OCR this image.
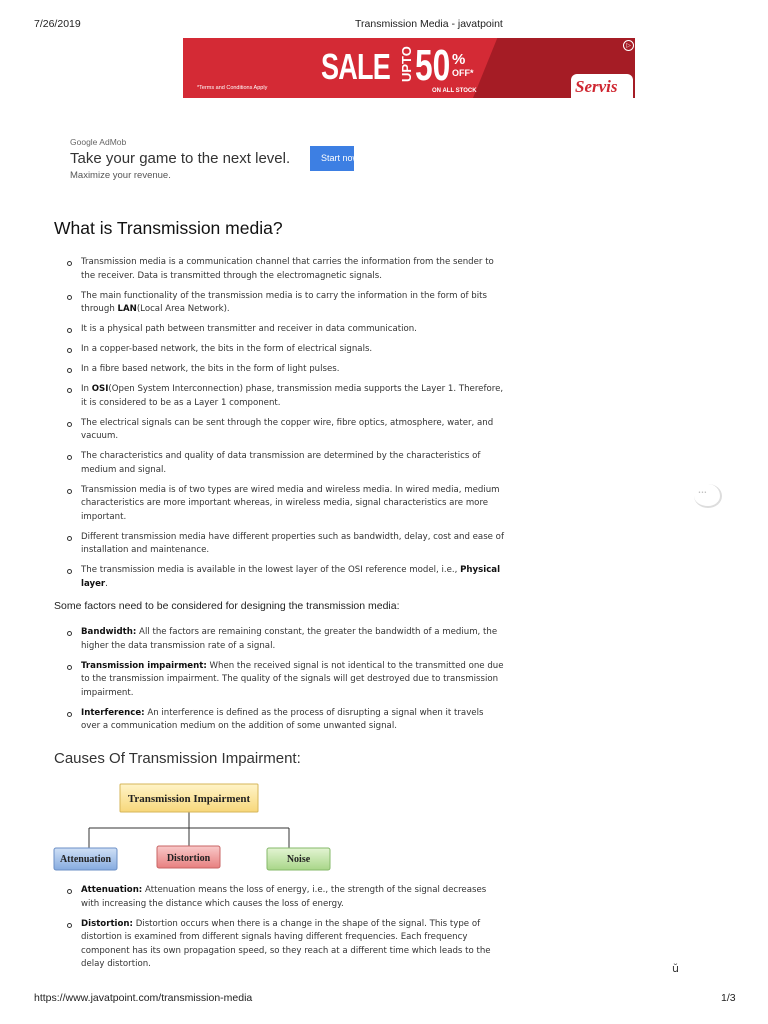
7/26/2019	Transmission Media - javatpoint
*Terms and Conditions Apply
SALE UPTO 50 %
OFF*
ON ALL STOCK	Servis
▷
Google AdMob
Take your game to the next level.
Maximize your revenue.
Start now
What is Transmission media?
Transmission media is a communication channel that carries the information from the sender to the receiver. Data is transmitted through the electromagnetic signals.
The main functionality of the transmission media is to carry the information in the form of bits through LAN(Local Area Network).
It is a physical path between transmitter and receiver in data communication.
In a copper-based network, the bits in the form of electrical signals.
In a fibre based network, the bits in the form of light pulses.
In OSI(Open System Interconnection) phase, transmission media supports the Layer 1. Therefore, it is considered to be as a Layer 1 component.
The electrical signals can be sent through the copper wire, fibre optics, atmosphere, water, and vacuum.
The characteristics and quality of data transmission are determined by the characteristics of medium and signal.
Transmission media is of two types are wired media and wireless media. In wired media, medium characteristics are more important whereas, in wireless media, signal characteristics are more important.
Different transmission media have different properties such as bandwidth, delay, cost and ease of installation and maintenance.
The transmission media is available in the lowest layer of the OSI reference model, i.e., Physical layer.
Some factors need to be considered for designing the transmission media:
Bandwidth: All the factors are remaining constant, the greater the bandwidth of a medium, the higher the data transmission rate of a signal.
Transmission impairment: When the received signal is not identical to the transmitted one due to the transmission impairment. The quality of the signals will get destroyed due to transmission impairment.
Interference: An interference is defined as the process of disrupting a signal when it travels over a communication medium on the addition of some unwanted signal.
Causes Of Transmission Impairment:
Transmission Impairment
Attenuation	Distortion	Noise
Attenuation: Attenuation means the loss of energy, i.e., the strength of the signal decreases with increasing the distance which causes the loss of energy.
Distortion: Distortion occurs when there is a change in the shape of the signal. This type of distortion is examined from different signals having different frequencies. Each frequency component has its own propagation speed, so they reach at a different time which leads to the delay distortion.
•••
ŭ
https://www.javatpoint.com/transmission-media	1/3
